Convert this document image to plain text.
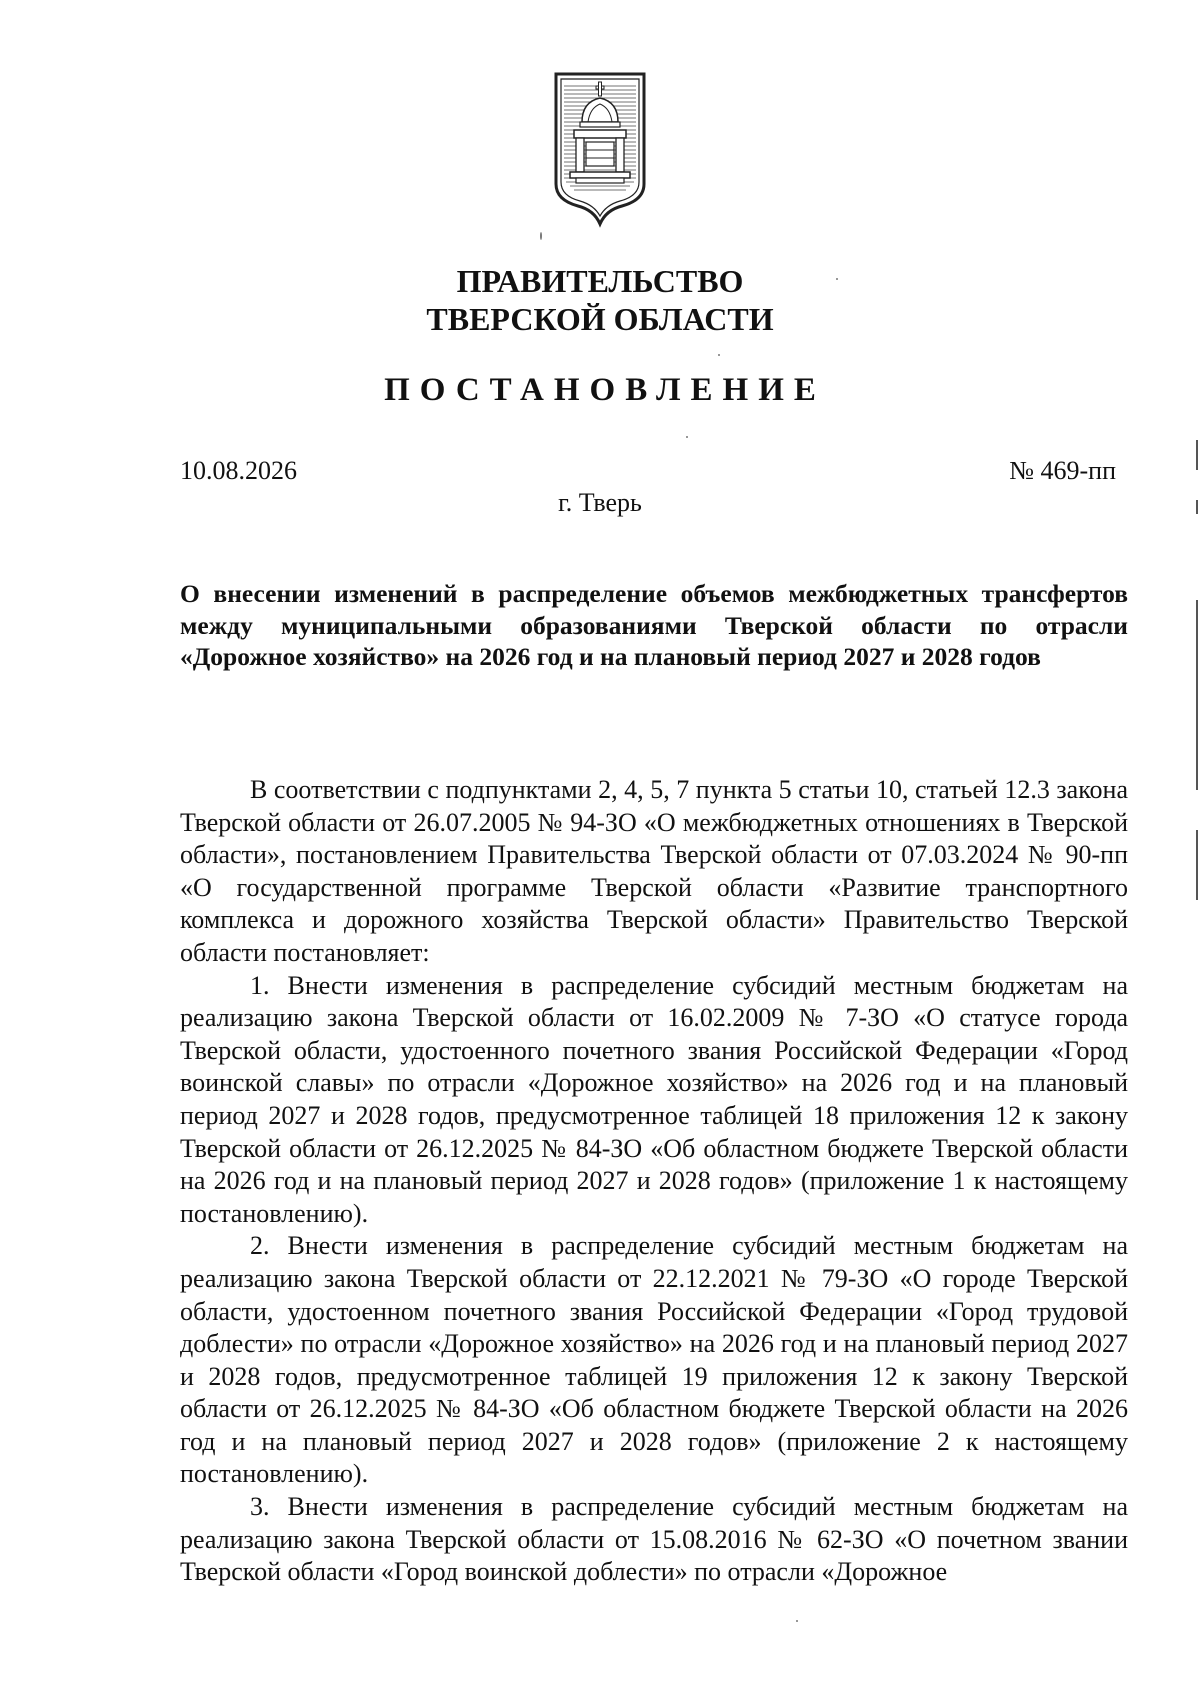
ПРАВИТЕЛЬСТВО
ТВЕРСКОЙ ОБЛАСТИ
ПОСТАНОВЛЕНИЕ
10.08.2026	№ 469-пп
г. Тверь
О внесении изменений в распределение объемов межбюджетных трансфертов между муниципальными образованиями Тверской области по отрасли «Дорожное хозяйство» на 2026 год и на плановый период 2027 и 2028 годов

В соответствии с подпунктами 2, 4, 5, 7 пункта 5 статьи 10, статьей 12.3 закона Тверской области от 26.07.2005 № 94-ЗО «О межбюджетных отношениях в Тверской области», постановлением Правительства Тверской области от 07.03.2024 № 90-пп «О государственной программе Тверской области «Развитие транспортного комплекса и дорожного хозяйства Тверской области» Правительство Тверской области постановляет:

1. Внести изменения в распределение субсидий местным бюджетам на реализацию закона Тверской области от 16.02.2009 № 7-ЗО «О статусе города Тверской области, удостоенного почетного звания Российской Федерации «Город воинской славы» по отрасли «Дорожное хозяйство» на 2026 год и на плановый период 2027 и 2028 годов, предусмотренное таблицей 18 приложения 12 к закону Тверской области от 26.12.2025 № 84-ЗО «Об областном бюджете Тверской области на 2026 год и на плановый период 2027 и 2028 годов» (приложение 1 к настоящему постановлению).

2. Внести изменения в распределение субсидий местным бюджетам на реализацию закона Тверской области от 22.12.2021 № 79-ЗО «О городе Тверской области, удостоенном почетного звания Российской Федерации «Город трудовой доблести» по отрасли «Дорожное хозяйство» на 2026 год и на плановый период 2027 и 2028 годов, предусмотренное таблицей 19 приложения 12 к закону Тверской области от 26.12.2025 № 84-ЗО «Об областном бюджете Тверской области на 2026 год и на плановый период 2027 и 2028 годов» (приложение 2 к настоящему постановлению).

3. Внести изменения в распределение субсидий местным бюджетам на реализацию закона Тверской области от 15.08.2016 № 62-ЗО «О почетном звании Тверской области «Город воинской доблести» по отрасли «Дорожное
